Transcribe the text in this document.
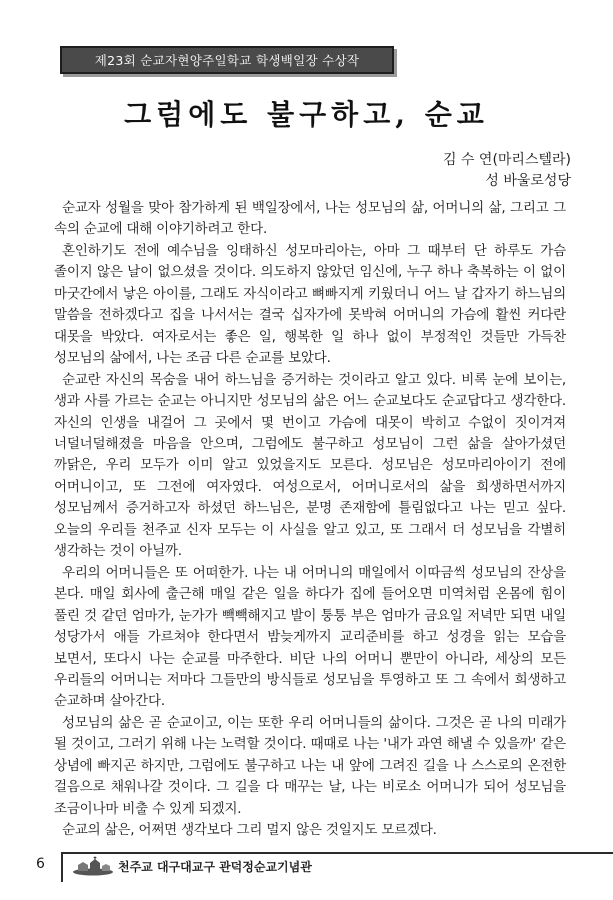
제23회 순교자현양주일학교 학생백일장 수상작
그럼에도 불구하고, 순교
김 수 연(마리스텔라)
성 바울로성당

순교자 성월을 맞아 참가하게 된 백일장에서, 나는 성모님의 삶, 어머니의 삶, 그리고 그 속의 순교에 대해 이야기하려고 한다.

혼인하기도 전에 예수님을 잉태하신 성모마리아는, 아마 그 때부터 단 하루도 가슴 졸이지 않은 날이 없으셨을 것이다. 의도하지 않았던 임신에, 누구 하나 축복하는 이 없이 마굿간에서 낳은 아이를, 그래도 자식이라고 뼈빠지게 키웠더니 어느 날 갑자기 하느님의 말씀을 전하겠다고 집을 나서서는 결국 십자가에 못박혀 어머니의 가슴에 활씬 커다란 대못을 박았다. 여자로서는 좋은 일, 행복한 일 하나 없이 부정적인 것들만 가득찬 성모님의 삶에서, 나는 조금 다른 순교를 보았다.

순교란 자신의 목숨을 내어 하느님을 증거하는 것이라고 알고 있다. 비록 눈에 보이는, 생과 사를 가르는 순교는 아니지만 성모님의 삶은 어느 순교보다도 순교답다고 생각한다. 자신의 인생을 내걸어 그 곳에서 몇 번이고 가슴에 대못이 박히고 수없이 짓이겨져 너덜너덜해졌을 마음을 안으며, 그럼에도 불구하고 성모님이 그런 삶을 살아가셨던 까닭은, 우리 모두가 이미 알고 있었을지도 모른다. 성모님은 성모마리아이기 전에 어머니이고, 또 그전에 여자였다. 여성으로서, 어머니로서의 삶을 희생하면서까지 성모님께서 증거하고자 하셨던 하느님은, 분명 존재함에 틀림없다고 나는 믿고 싶다. 오늘의 우리들 천주교 신자 모두는 이 사실을 알고 있고, 또 그래서 더 성모님을 각별히 생각하는 것이 아닐까.

우리의 어머니들은 또 어떠한가. 나는 내 어머니의 매일에서 이따금씩 성모님의 잔상을 본다. 매일 회사에 출근해 매일 같은 일을 하다가 집에 들어오면 미역처럼 온몸에 힘이 풀린 것 같던 엄마가, 눈가가 빽빽해지고 발이 퉁퉁 부은 엄마가 금요일 저녁만 되면 내일 성당가서 애들 가르쳐야 한다면서 밤늦게까지 교리준비를 하고 성경을 읽는 모습을 보면서, 또다시 나는 순교를 마주한다. 비단 나의 어머니 뿐만이 아니라, 세상의 모든 우리들의 어머니는 저마다 그들만의 방식들로 성모님을 투영하고 또 그 속에서 희생하고 순교하며 살아간다.

성모님의 삶은 곧 순교이고, 이는 또한 우리 어머니들의 삶이다. 그것은 곧 나의 미래가 될 것이고, 그러기 위해 나는 노력할 것이다. 때때로 나는 '내가 과연 해낼 수 있을까' 같은 상념에 빠지곤 하지만, 그럼에도 불구하고 나는 내 앞에 그려진 길을 나 스스로의 온전한 걸음으로 채워나갈 것이다. 그 길을 다 매꾸는 날, 나는 비로소 어머니가 되어 성모님을 조금이나마 비출 수 있게 되겠지.

순교의 삶은, 어쩌면 생각보다 그리 멀지 않은 것일지도 모르겠다.

6	천주교 대구대교구 관덕정순교기념관
